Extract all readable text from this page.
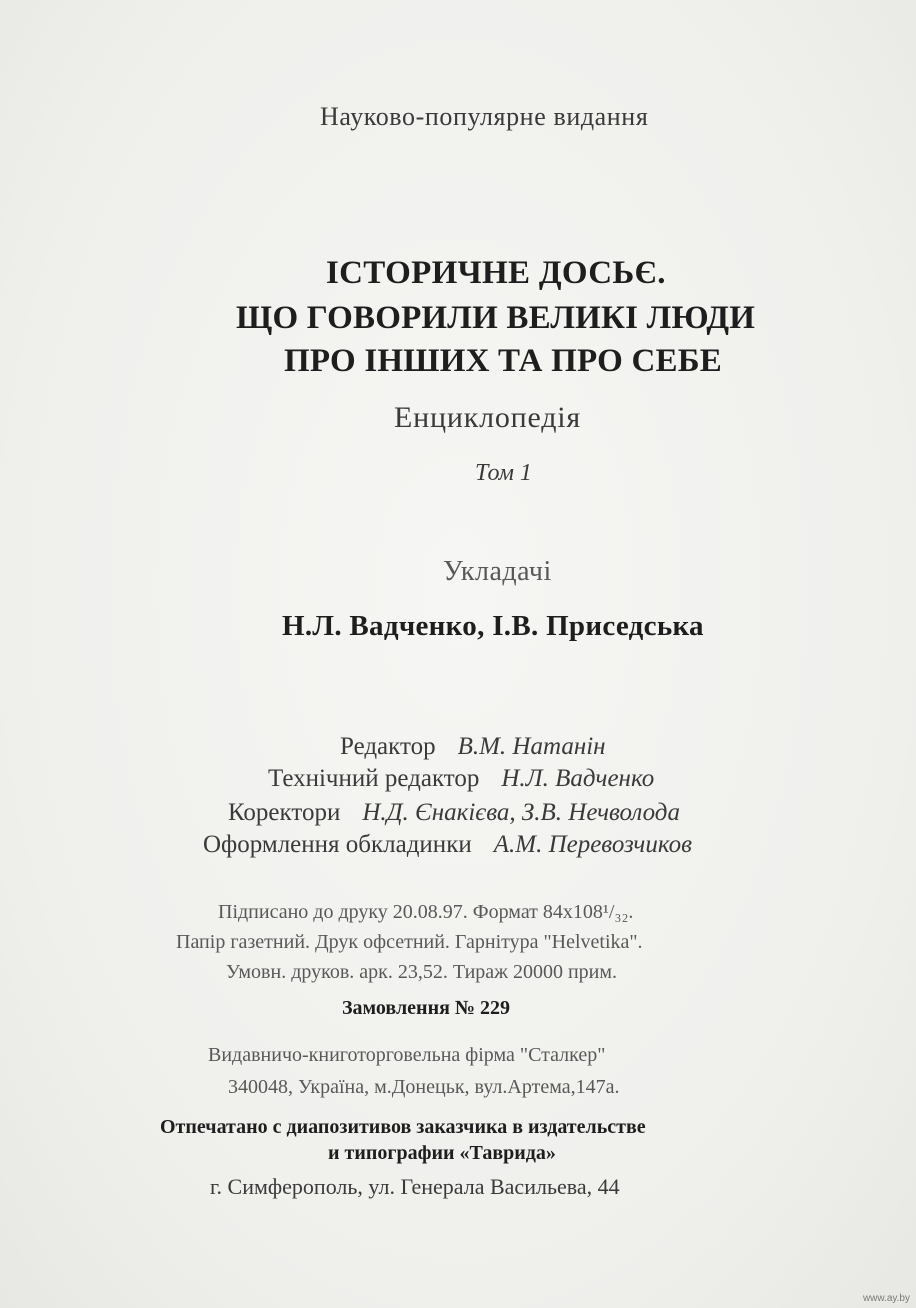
Науково-популярне видання
ІСТОРИЧНЕ ДОСЬЄ.
ЩО ГОВОРИЛИ ВЕЛИКІ ЛЮДИ
ПРО ІНШИХ ТА ПРО СЕБЕ
Енциклопедія
Том 1
Укладачі
Н.Л. Вадченко, І.В. Приседська
Редактор В.М. Натанін
Технічний редактор Н.Л. Вадченко
Коректори Н.Д. Єнакієва, З.В. Нечволода
Оформлення обкладинки А.М. Перевозчиков
Підписано до друку 20.08.97. Формат 84x108¹/₃₂.
Папір газетний. Друк офсетний. Гарнітура "Helvetika".
Умовн. друков. арк. 23,52. Тираж 20000 прим.
Замовлення № 229
Видавничо-книготорговельна фірма "Сталкер"
340048, Україна, м.Донецьк, вул.Артема,147а.
Отпечатано с диапозитивов заказчика в издательстве
и типографии «Таврида»
г. Симферополь, ул. Генерала Васильева, 44
www.ay.by
